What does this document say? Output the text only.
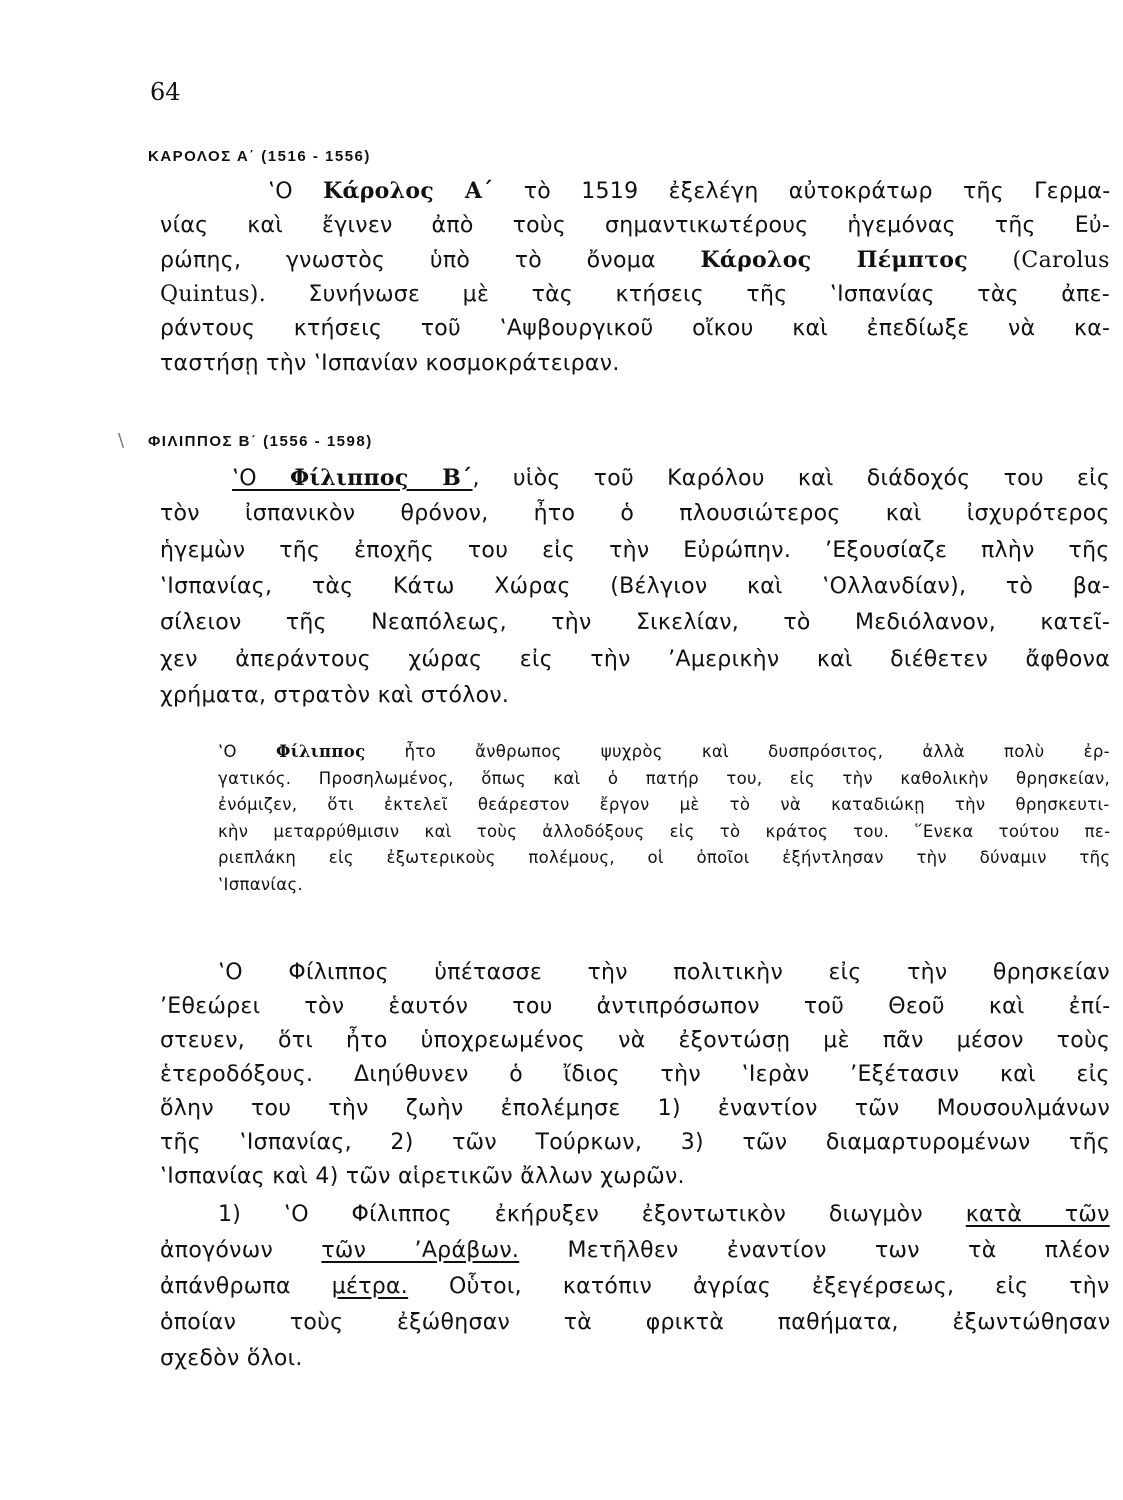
64
ΚΑΡΟΛΟΣ Α΄ (1516 - 1556)
‛Ο Κάρολος Α΄ τὸ 1519 ἐξελέγη αὐτοκράτωρ τῆς Γερμα-
νίας καὶ ἔγινεν ἀπὸ τοὺς σημαντικωτέρους ἡγεμόνας τῆς Εὐ-
ρώπης, γνωστὸς ὑπὸ τὸ ὄνομα Κάρολος Πέμπτος (Carolus
Quintus). Συνήνωσε μὲ τὰς κτήσεις τῆς ‛Ισπανίας τὰς ἀπε-
ράντους κτήσεις τοῦ ‛Αψβουργικοῦ οἴκου καὶ ἐπεδίωξε νὰ κα-
ταστήσῃ τὴν ‛Ισπανίαν κοσμοκράτειραν.
\ ΦΙΛΙΠΠΟΣ Β΄ (1556 - 1598)
‛Ο Φίλιππος Β΄, υἱὸς τοῦ Καρόλου καὶ διάδοχός του εἰς
τὸν ἰσπανικὸν θρόνον, ἦτο ὁ πλουσιώτερος καὶ ἰσχυρότερος
ἡγεμὼν τῆς ἐποχῆς του εἰς τὴν Εὐρώπην. ’Εξουσίαζε πλὴν τῆς
‛Ισπανίας, τὰς Κάτω Χώρας (Βέλγιον καὶ ‛Ολλανδίαν), τὸ βα-
σίλειον τῆς Νεαπόλεως, τὴν Σικελίαν, τὸ Μεδιόλανον, κατεῖ-
χεν ἀπεράντους χώρας εἰς τὴν ’Αμερικὴν καὶ διέθετεν ἄφθονα
χρήματα, στρατὸν καὶ στόλον.
‛Ο Φίλιππος ἦτο ἄνθρωπος ψυχρὸς καὶ δυσπρόσιτος, ἀλλὰ πολὺ ἐρ-
γατικός. Προσηλωμένος, ὅπως καὶ ὁ πατήρ του, εἰς τὴν καθολικὴν θρησκείαν,
ἐνόμιζεν, ὅτι ἐκτελεῖ θεάρεστον ἔργον μὲ τὸ νὰ καταδιώκῃ τὴν θρησκευτι-
κὴν μεταρρύθμισιν καὶ τοὺς ἀλλοδόξους εἰς τὸ κράτος του. ῞Ενεκα τούτου πε-
ριεπλάκη εἰς ἐξωτερικοὺς πολέμους, οἱ ὁποῖοι ἐξήντλησαν τὴν δύναμιν τῆς
‛Ισπανίας.
‛Ο Φίλιππος ὑπέτασσε τὴν πολιτικὴν εἰς τὴν θρησκείαν
’Εθεώρει τὸν ἑαυτόν του ἀντιπρόσωπον τοῦ Θεοῦ καὶ ἐπί-
στευεν, ὅτι ἦτο ὑποχρεωμένος νὰ ἐξοντώσῃ μὲ πᾶν μέσον τοὺς
ἑτεροδόξους. Διηύθυνεν ὁ ἴδιος τὴν ‛Ιερὰν ’Εξέτασιν καὶ εἰς
ὅλην του τὴν ζωὴν ἐπολέμησε 1) ἐναντίον τῶν Μουσουλμάνων
τῆς ‛Ισπανίας, 2) τῶν Τούρκων, 3) τῶν διαμαρτυρομένων τῆς
‛Ισπανίας καὶ 4) τῶν αἱρετικῶν ἄλλων χωρῶν.
1) ‛Ο Φίλιππος ἐκήρυξεν ἐξοντωτικὸν διωγμὸν κατὰ τῶν
ἀπογόνων τῶν ’Αράβων. Μετῆλθεν ἐναντίον των τὰ πλέον
ἀπάνθρωπα μέτρα. Οὗτοι, κατόπιν ἀγρίας ἐξεγέρσεως, εἰς τὴν
ὁποίαν τοὺς ἐξώθησαν τὰ φρικτὰ παθήματα, ἐξωντώθησαν
σχεδὸν ὅλοι.
